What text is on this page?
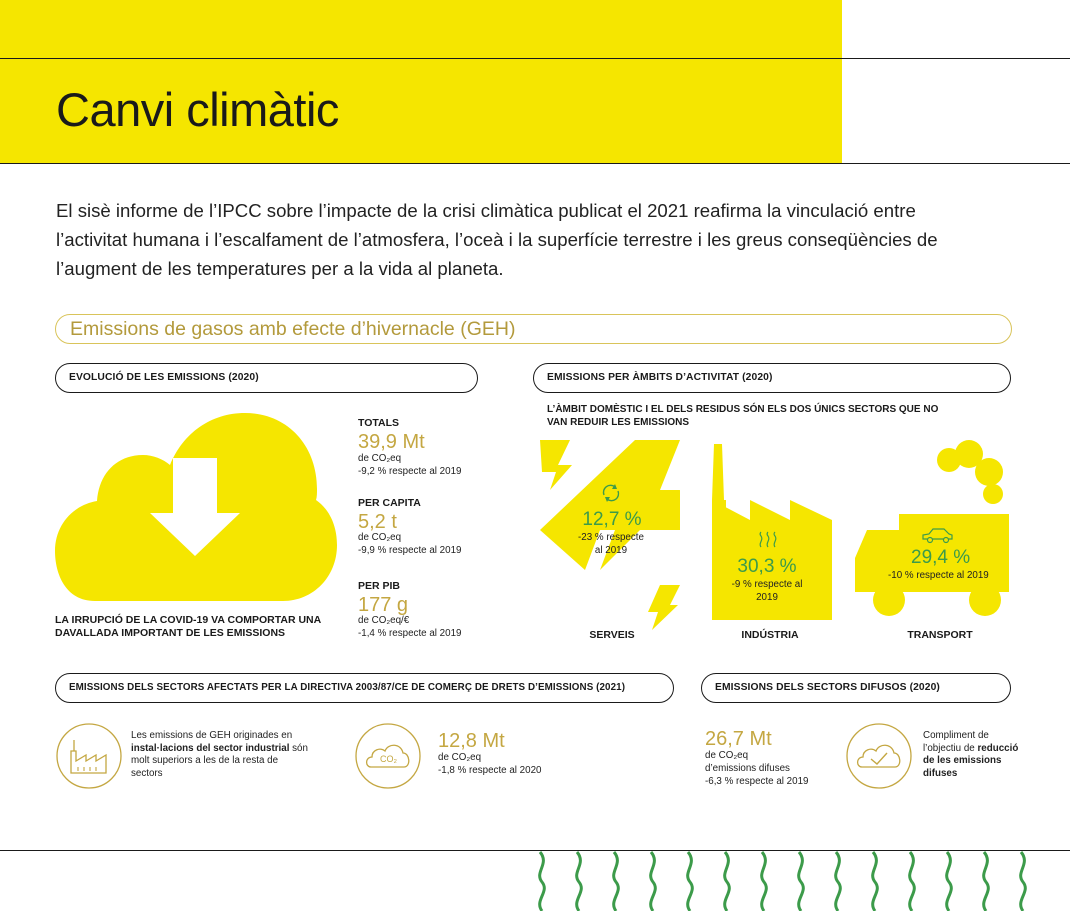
Canvi climàtic

El sisè informe de l’IPCC sobre l’impacte de la crisi climàtica publicat el 2021 reafirma la vinculació entre l’activitat humana i l’escalfament de l’atmosfera, l’oceà i la superfície terrestre i les greus conseqüències de l’augment de les temperatures per a la vida al planeta.

Emissions de gasos amb efecte d’hivernacle (GEH)
EVOLUCIÓ DE LES EMISSIONS (2020)
LA IRRUPCIÓ DE LA COVID-19 VA COMPORTAR UNA DAVALLADA IMPORTANT DE LES EMISSIONS
TOTALS
39,9 Mt
de CO₂eq
-9,2 % respecte al 2019
PER CAPITA
5,2 t
de CO₂eq
-9,9 % respecte al 2019
PER PIB
177 g
de CO₂eq/€
-1,4 % respecte al 2019
EMISSIONS PER ÀMBITS D’ACTIVITAT (2020)
L’ÀMBIT DOMÈSTIC I EL DELS RESIDUS SÓN ELS DOS ÚNICS SECTORS QUE NO VAN REDUIR LES EMISSIONS
12,7 %
-23 % respecte al 2019
SERVEIS
30,3 %
-9 % respecte al 2019
INDÚSTRIA
29,4 %
-10 % respecte al 2019
TRANSPORT
EMISSIONS DELS SECTORS AFECTATS PER LA DIRECTIVA 2003/87/CE DE COMERÇ DE DRETS D’EMISSIONS (2021)
Les emissions de GEH originades en instal·lacions del sector industrial són molt superiors a les de la resta de sectors
CO₂
12,8 Mt
de CO₂eq
-1,8 % respecte al 2020
EMISSIONS DELS SECTORS DIFUSOS (2020)
26,7 Mt
de CO₂eq
d’emissions difuses
-6,3 % respecte al 2019
Compliment de l’objectiu de reducció de les emissions difuses
